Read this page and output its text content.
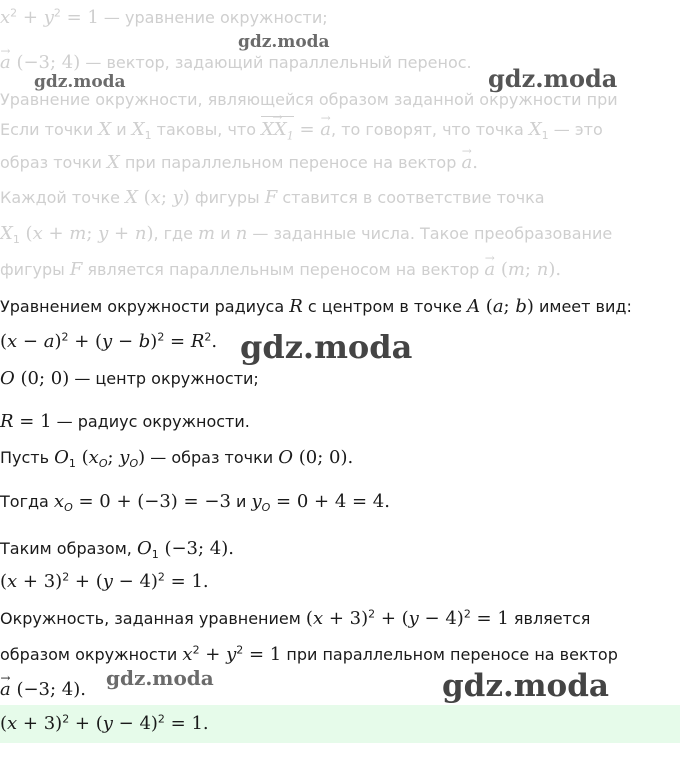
$x^2 + y^2 = 1$ — уравнение окружности;
→ a (−3; 4) — вектор, задающий параллельный перенос.
Уравнение окружности, являющейся образом заданной окружности при
Если точки X и $X_1$ таковы, что → $XX_1$ = → a, то говорят, что точка $X_1$ — это
образ точки X при параллельном переносе на вектор → a.
Каждой точке X (x; y) фигуры F ставится в соответствие точка
$X_1$ (x + m; y + n), где m и n — заданные числа. Такое преобразование
фигуры F является параллельным переносом на вектор → a (m; n).
Уравнением окружности радиуса R с центром в точке A (a; b) имеет вид:
$(x - a)^2 + (y - b)^2 = R^2$.
O (0; 0) — центр окружности;
R = 1 — радиус окружности.
Пусть $O_1$ ($x_O$; $y_O$) — образ точки O (0; 0).
Тогда $x_O = 0 + (-3) = -3$ и $y_O = 0 + 4 = 4$.
Таким образом, $O_1$ (−3; 4).
$(x + 3)^2 + (y - 4)^2 = 1$.
Окружность, заданная уравнением $(x + 3)^2 + (y - 4)^2 = 1$ является
образом окружности $x^2 + y^2 = 1$ при параллельном переносе на вектор
→ a (−3; 4).
$(x + 3)^2 + (y - 4)^2 = 1$.
gdz.moda
gdz.moda	gdz.moda
gdz.moda
gdz.moda	gdz.moda
